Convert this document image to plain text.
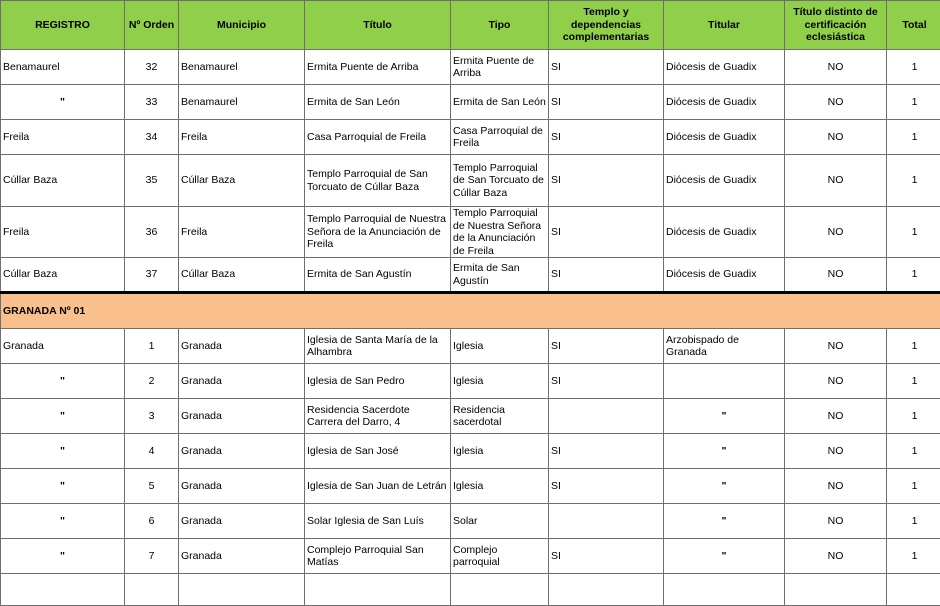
REGISTRO	Nº Orden	Municipio	Título	Tipo	Templo y dependencias complementarias	Titular	Título distinto de certificación eclesiástica	Total
Benamaurel	32	Benamaurel	Ermita Puente de Arriba	Ermita Puente de Arriba	SI	Diócesis de Guadix	NO	1
"	33	Benamaurel	Ermita de San León	Ermita de San León	SI	Diócesis de Guadix	NO	1
Freila	34	Freila	Casa Parroquial de Freila	Casa Parroquial de Freila	SI	Diócesis de Guadix	NO	1
Cúllar Baza	35	Cúllar Baza	Templo Parroquial de San Torcuato de Cúllar Baza	Templo Parroquial de San Torcuato de Cúllar Baza	SI	Diócesis de Guadix	NO	1
Freila	36	Freila	Templo Parroquial de Nuestra Señora de la Anunciación de Freila	Templo Parroquial de Nuestra Señora de la Anunciación de Freila	SI	Diócesis de Guadix	NO	1
Cúllar Baza	37	Cúllar Baza	Ermita de San Agustín	Ermita de San Agustín	SI	Diócesis de Guadix	NO	1
GRANADA Nº 01								
Granada	1	Granada	Iglesia de Santa María de la Alhambra	Iglesia	SI	Arzobispado de Granada	NO	1
"	2	Granada	Iglesia de San Pedro	Iglesia	SI		NO	1
"	3	Granada	Residencia Sacerdote Carrera del Darro, 4	Residencia sacerdotal		"	NO	1
"	4	Granada	Iglesia de San José	Iglesia	SI	"	NO	1
"	5	Granada	Iglesia de San Juan de Letrán	Iglesia	SI	"	NO	1
"	6	Granada	Solar Iglesia de San Luís	Solar		"	NO	1
"	7	Granada	Complejo Parroquial San Matías	Complejo parroquial	SI	"	NO	1
